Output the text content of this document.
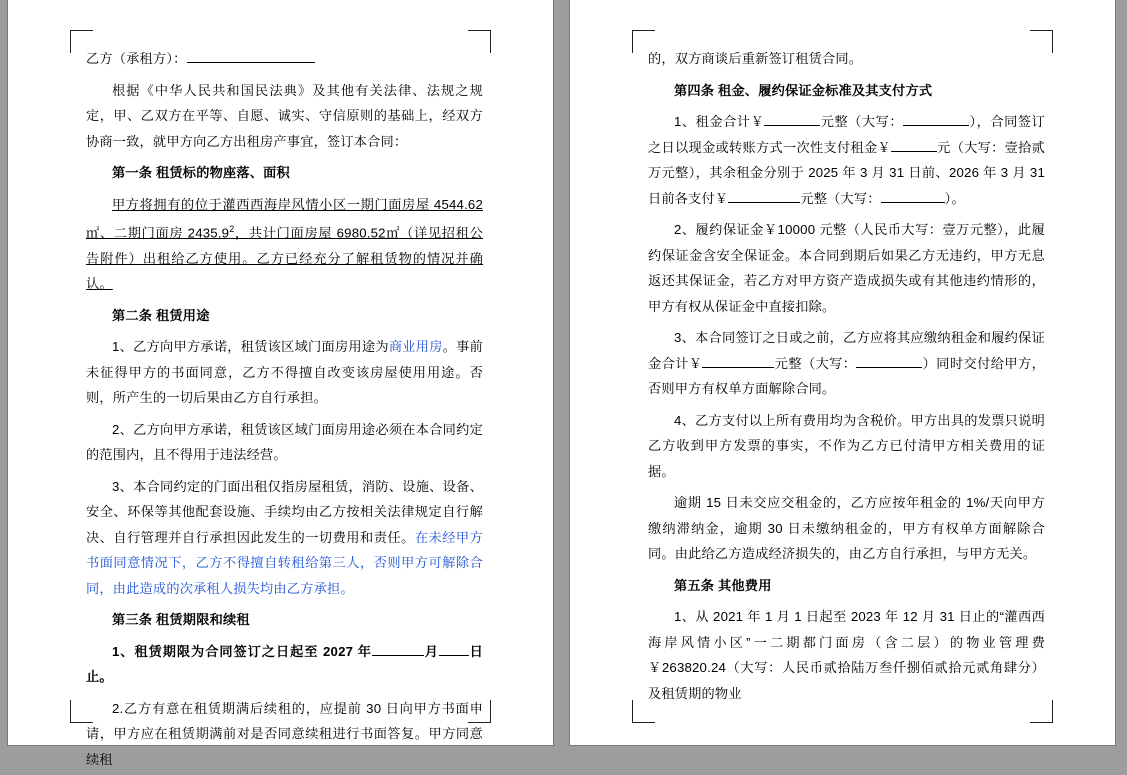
乙方（承租方）：

根据《中华人民共和国民法典》及其他有关法律、法规之规定，甲、乙双方在平等、自愿、诚实、守信原则的基础上，经双方协商一致，就甲方向乙方出租房产事宜，签订本合同：

第一条 租赁标的物座落、面积

甲方将拥有的位于灌西西海岸风情小区一期门面房屋 4544.62㎡、二期门面房 2435.9$^2$，共计门面房屋 6980.52㎡（详见招租公告附件）出租给乙方使用。乙方已经充分了解租赁物的情况并确认。

第二条 租赁用途

1、乙方向甲方承诺，租赁该区域门面房用途为商业用房。事前未征得甲方的书面同意，乙方不得擅自改变该房屋使用用途。否则，所产生的一切后果由乙方自行承担。

2、乙方向甲方承诺，租赁该区域门面房用途必须在本合同约定的范围内，且不得用于违法经营。

3、本合同约定的门面出租仅指房屋租赁，消防、设施、设备、安全、环保等其他配套设施、手续均由乙方按相关法律规定自行解决、自行管理并自行承担因此发生的一切费用和责任。在未经甲方书面同意情况下，乙方不得擅自转租给第三人，否则甲方可解除合同，由此造成的次承租人损失均由乙方承担。

第三条 租赁期限和续租

1、租赁期限为合同签订之日起至 2027 年	月 日止。

2.乙方有意在租赁期满后续租的，应提前 30 日向甲方书面申请，甲方应在租赁期满前对是否同意续租进行书面答复。甲方同意续租

的，双方商谈后重新签订租赁合同。

第四条 租金、履约保证金标准及其支付方式

1、租金合计￥	元整（大写：	），合同签订之日以现金或转账方式一次性支付租金￥	元（大写：壹拾贰万元整），其余租金分别于 2025 年 3 月 31 日前、2026 年 3 月 31 日前各支付￥	元整（大写：	）。

2、履约保证金￥10000 元整（人民币大写：壹万元整），此履约保证金含安全保证金。本合同到期后如果乙方无违约，甲方无息返还其保证金，若乙方对甲方资产造成损失或有其他违约情形的，甲方有权从保证金中直接扣除。

3、本合同签订之日或之前，乙方应将其应缴纳租金和履约保证金合计￥	元整（大写：	）同时交付给甲方，否则甲方有权单方面解除合同。

4、乙方支付以上所有费用均为含税价。甲方出具的发票只说明乙方收到甲方发票的事实，不作为乙方已付清甲方相关费用的证据。

逾期 15 日未交应交租金的，乙方应按年租金的 1%/天向甲方缴纳滞纳金，逾期 30 日未缴纳租金的，甲方有权单方面解除合同。由此给乙方造成经济损失的，由乙方自行承担，与甲方无关。

第五条 其他费用

1、从 2021 年 1 月 1 日起至 2023 年 12 月 31 日止的“灌西西海岸风情小区”一二期都门面房（含二层）的物业管理费￥263820.24（大写：人民币贰拾陆万叁仟捌佰贰拾元贰角肆分）及租赁期的物业
